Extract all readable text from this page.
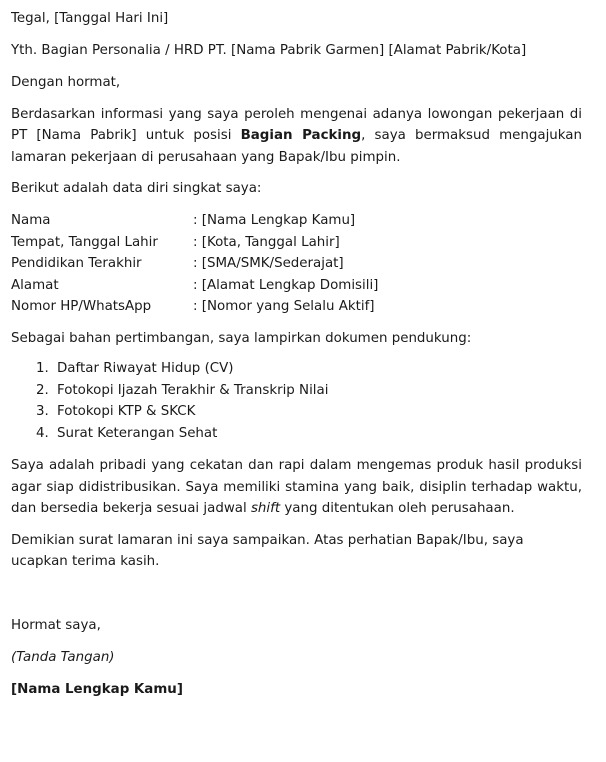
Tegal, [Tanggal Hari Ini]

Yth. Bagian Personalia / HRD PT. [Nama Pabrik Garmen] [Alamat Pabrik/Kota]

Dengan hormat,

Berdasarkan informasi yang saya peroleh mengenai adanya lowongan pekerjaan di PT [Nama Pabrik] untuk posisi Bagian Packing, saya bermaksud mengajukan lamaran pekerjaan di perusahaan yang Bapak/Ibu pimpin.

Berikut adalah data diri singkat saya:

Nama	: [Nama Lengkap Kamu]
Tempat, Tanggal Lahir	: [Kota, Tanggal Lahir]
Pendidikan Terakhir	: [SMA/SMK/Sederajat]
Alamat	: [Alamat Lengkap Domisili]
Nomor HP/WhatsApp	: [Nomor yang Selalu Aktif]

Sebagai bahan pertimbangan, saya lampirkan dokumen pendukung:

1. Daftar Riwayat Hidup (CV)
2. Fotokopi Ijazah Terakhir & Transkrip Nilai
3. Fotokopi KTP & SKCK
4. Surat Keterangan Sehat

Saya adalah pribadi yang cekatan dan rapi dalam mengemas produk hasil produksi agar siap didistribusikan. Saya memiliki stamina yang baik, disiplin terhadap waktu, dan bersedia bekerja sesuai jadwal shift yang ditentukan oleh perusahaan.

Demikian surat lamaran ini saya sampaikan. Atas perhatian Bapak/Ibu, saya ucapkan terima kasih.

Hormat saya,

(Tanda Tangan)

[Nama Lengkap Kamu]
